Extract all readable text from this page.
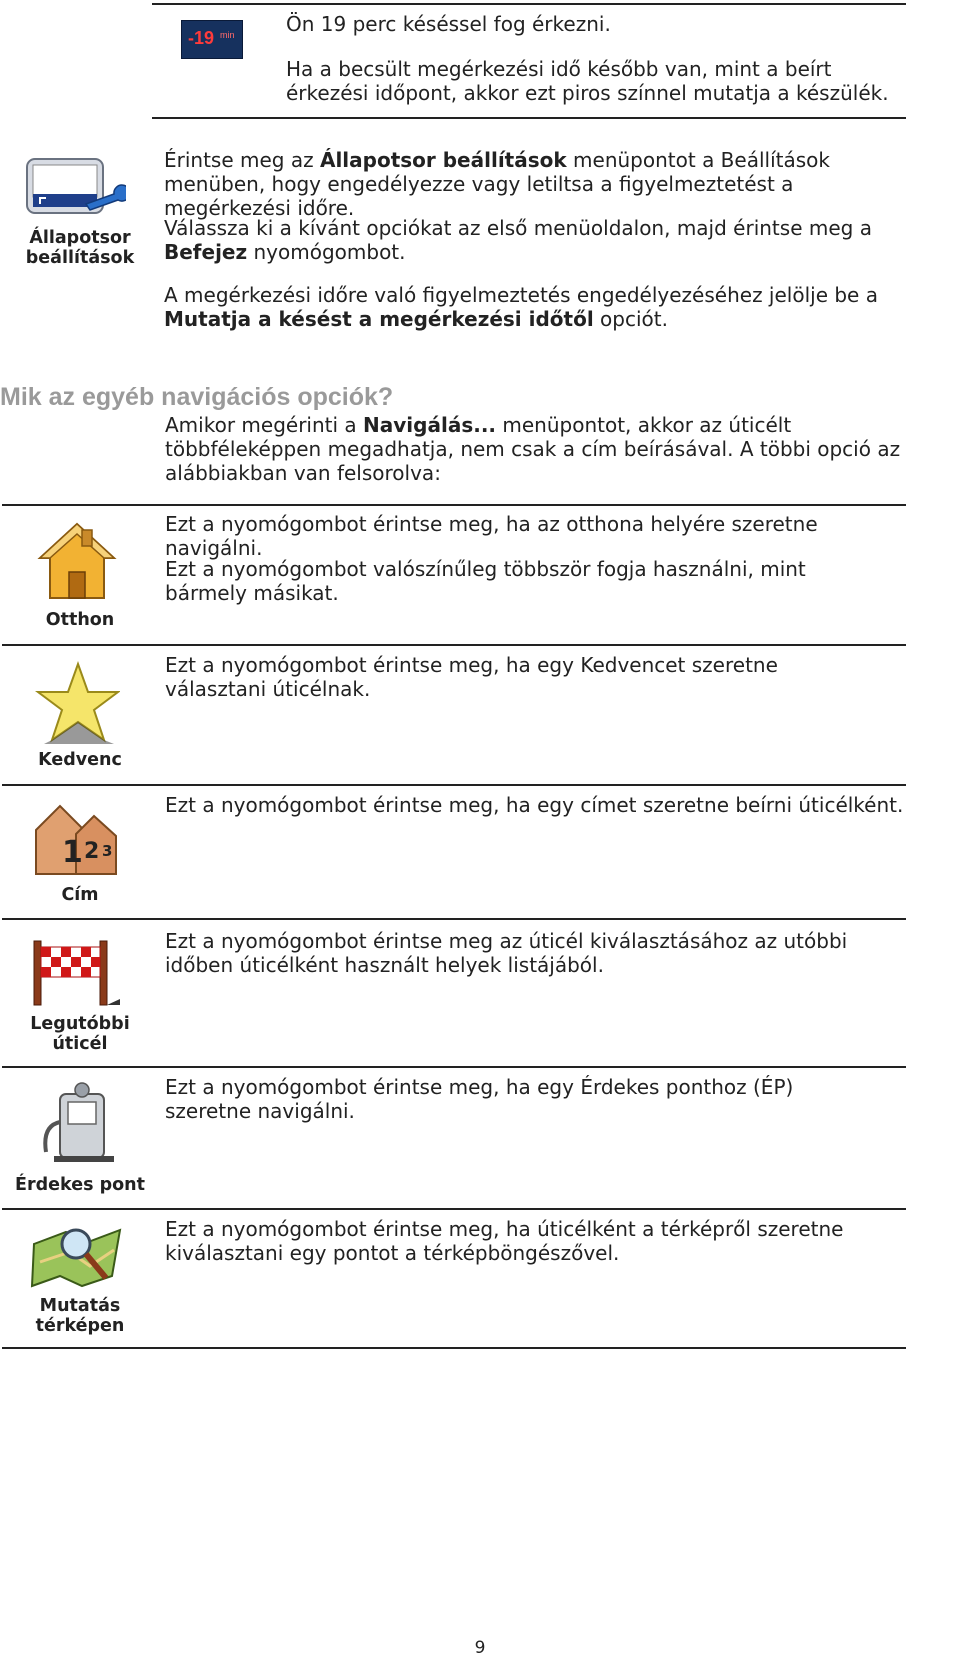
-19 min	Ön 19 perc késéssel fog érkezni.
Ha a becsült megérkezési idő később van, mint a beírt érkezési időpont, akkor ezt piros színnel mutatja a készülék.
Állapotsor beállítások
Érintse meg az Állapotsor beállítások menüpontot a Beállítások menüben, hogy engedélyezze vagy letiltsa a figyelmeztetést a megérkezési időre.
Válassza ki a kívánt opciókat az első menüoldalon, majd érintse meg a Befejez nyomógombot.
A megérkezési időre való figyelmeztetés engedélyezéséhez jelölje be a Mutatja a késést a megérkezési időtől opciót.
Mik az egyéb navigációs opciók?
Amikor megérinti a Navigálás... menüpontot, akkor az úticélt többféleképpen megadhatja, nem csak a cím beírásával. A többi opció az alábbiakban van felsorolva:
Otthon
Ezt a nyomógombot érintse meg, ha az otthona helyére szeretne navigálni.
Ezt a nyomógombot valószínűleg többször fogja használni, mint bármely másikat.
Kedvenc
Ezt a nyomógombot érintse meg, ha egy Kedvencet szeretne választani úticélnak.
1 2 3
Cím
Ezt a nyomógombot érintse meg, ha egy címet szeretne beírni úticélként.
Legutóbbi
úticél
Ezt a nyomógombot érintse meg az úticél kiválasztásához az utóbbi időben úticélként használt helyek listájából.
Érdekes pont
Ezt a nyomógombot érintse meg, ha egy Érdekes ponthoz (ÉP) szeretne navigálni.
Mutatás
térképen
Ezt a nyomógombot érintse meg, ha úticélként a térképről szeretne kiválasztani egy pontot a térképböngészővel.
9
